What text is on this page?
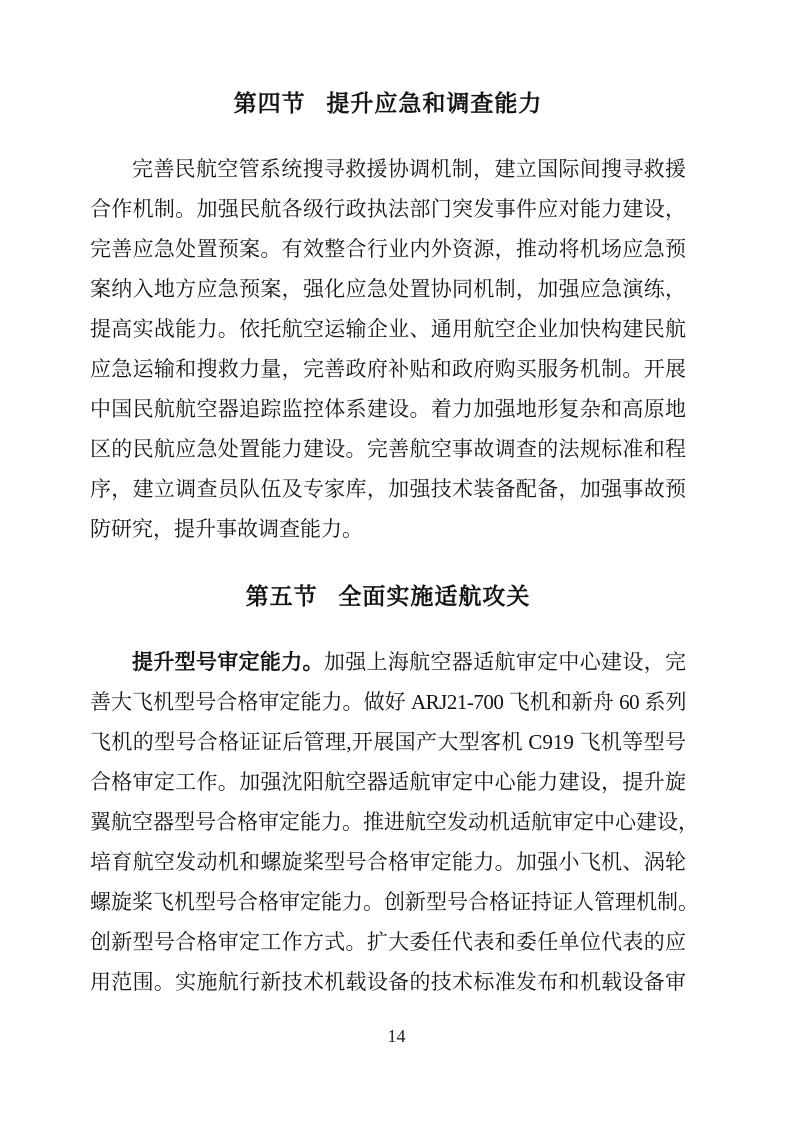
第四节 提升应急和调查能力
完善民航空管系统搜寻救援协调机制，建立国际间搜寻救援
合作机制。加强民航各级行政执法部门突发事件应对能力建设，
完善应急处置预案。有效整合行业内外资源，推动将机场应急预
案纳入地方应急预案，强化应急处置协同机制，加强应急演练，
提高实战能力。依托航空运输企业、通用航空企业加快构建民航
应急运输和搜救力量，完善政府补贴和政府购买服务机制。开展
中国民航航空器追踪监控体系建设。着力加强地形复杂和高原地
区的民航应急处置能力建设。完善航空事故调查的法规标准和程
序，建立调查员队伍及专家库，加强技术装备配备，加强事故预
防研究，提升事故调查能力。
第五节 全面实施适航攻关
提升型号审定能力。加强上海航空器适航审定中心建设，完
善大飞机型号合格审定能力。做好 ARJ21-700 飞机和新舟 60 系列
飞机的型号合格证证后管理,开展国产大型客机 C919 飞机等型号
合格审定工作。加强沈阳航空器适航审定中心能力建设，提升旋
翼航空器型号合格审定能力。推进航空发动机适航审定中心建设，
培育航空发动机和螺旋桨型号合格审定能力。加强小飞机、涡轮
螺旋桨飞机型号合格审定能力。创新型号合格证持证人管理机制。
创新型号合格审定工作方式。扩大委任代表和委任单位代表的应
用范围。实施航行新技术机载设备的技术标准发布和机载设备审
14
